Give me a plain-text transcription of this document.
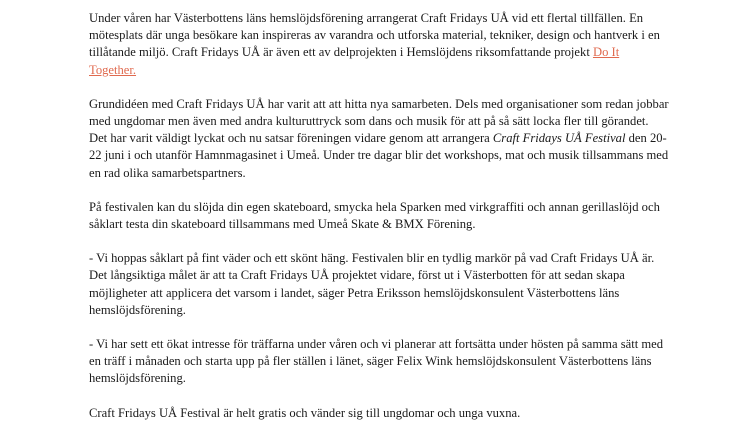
Under våren har Västerbottens läns hemslöjdsförening arrangerat Craft Fridays UÅ vid ett flertal tillfällen. En mötesplats där unga besökare kan inspireras av varandra och utforska material, tekniker, design och hantverk i en tillåtande miljö. Craft Fridays UÅ är även ett av delprojekten i Hemslöjdens riksomfattande projekt Do It Together.

Grundidéen med Craft Fridays UÅ har varit att att hitta nya samarbeten. Dels med organisationer som redan jobbar med ungdomar men även med andra kulturuttryck som dans och musik för att på så sätt locka fler till görandet. Det har varit väldigt lyckat och nu satsar föreningen vidare genom att arrangera Craft Fridays UÅ Festival den 20-22 juni i och utanför Hamnmagasinet i Umeå. Under tre dagar blir det workshops, mat och musik tillsammans med en rad olika samarbetspartners.

På festivalen kan du slöjda din egen skateboard, smycka hela Sparken med virkgraffiti och annan gerillaslöjd och såklart testa din skateboard tillsammans med Umeå Skate & BMX Förening.

- Vi hoppas såklart på fint väder och ett skönt häng. Festivalen blir en tydlig markör på vad Craft Fridays UÅ är. Det långsiktiga målet är att ta Craft Fridays UÅ projektet vidare, först ut i Västerbotten för att sedan skapa möjligheter att applicera det varsom i landet, säger Petra Eriksson hemslöjdskonsulent Västerbottens läns hemslöjdsförening.

- Vi har sett ett ökat intresse för träffarna under våren och vi planerar att fortsätta under hösten på samma sätt med en träff i månaden och starta upp på fler ställen i länet, säger Felix Wink hemslöjdskonsulent Västerbottens läns hemslöjdsförening.

Craft Fridays UÅ Festival är helt gratis och vänder sig till ungdomar och unga vuxna.
